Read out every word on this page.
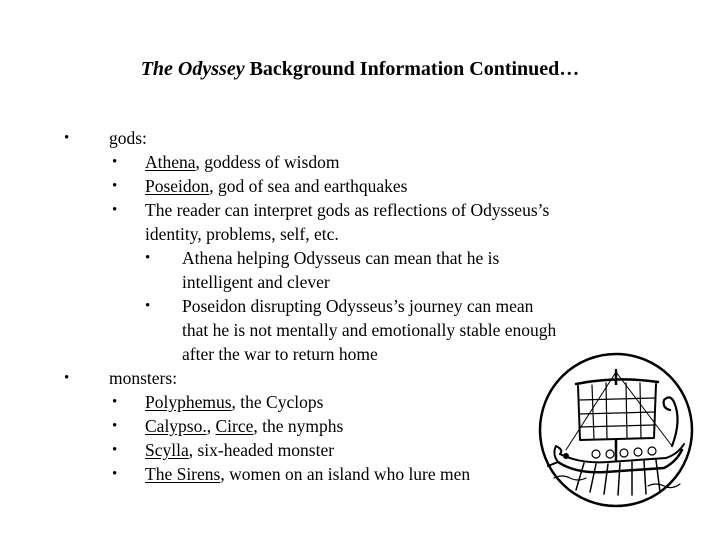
The Odyssey Background Information Continued…
• gods:
• Athena, goddess of wisdom
• Poseidon, god of sea and earthquakes
• The reader can interpret gods as reflections of Odysseus’s
identity, problems, self, etc.
• Athena helping Odysseus can mean that he is
intelligent and clever
• Poseidon disrupting Odysseus’s journey can mean
that he is not mentally and emotionally stable enough
after the war to return home
• monsters:
• Polyphemus, the Cyclops
• Calypso., Circe, the nymphs
• Scylla, six-headed monster
• The Sirens, women on an island who lure men
